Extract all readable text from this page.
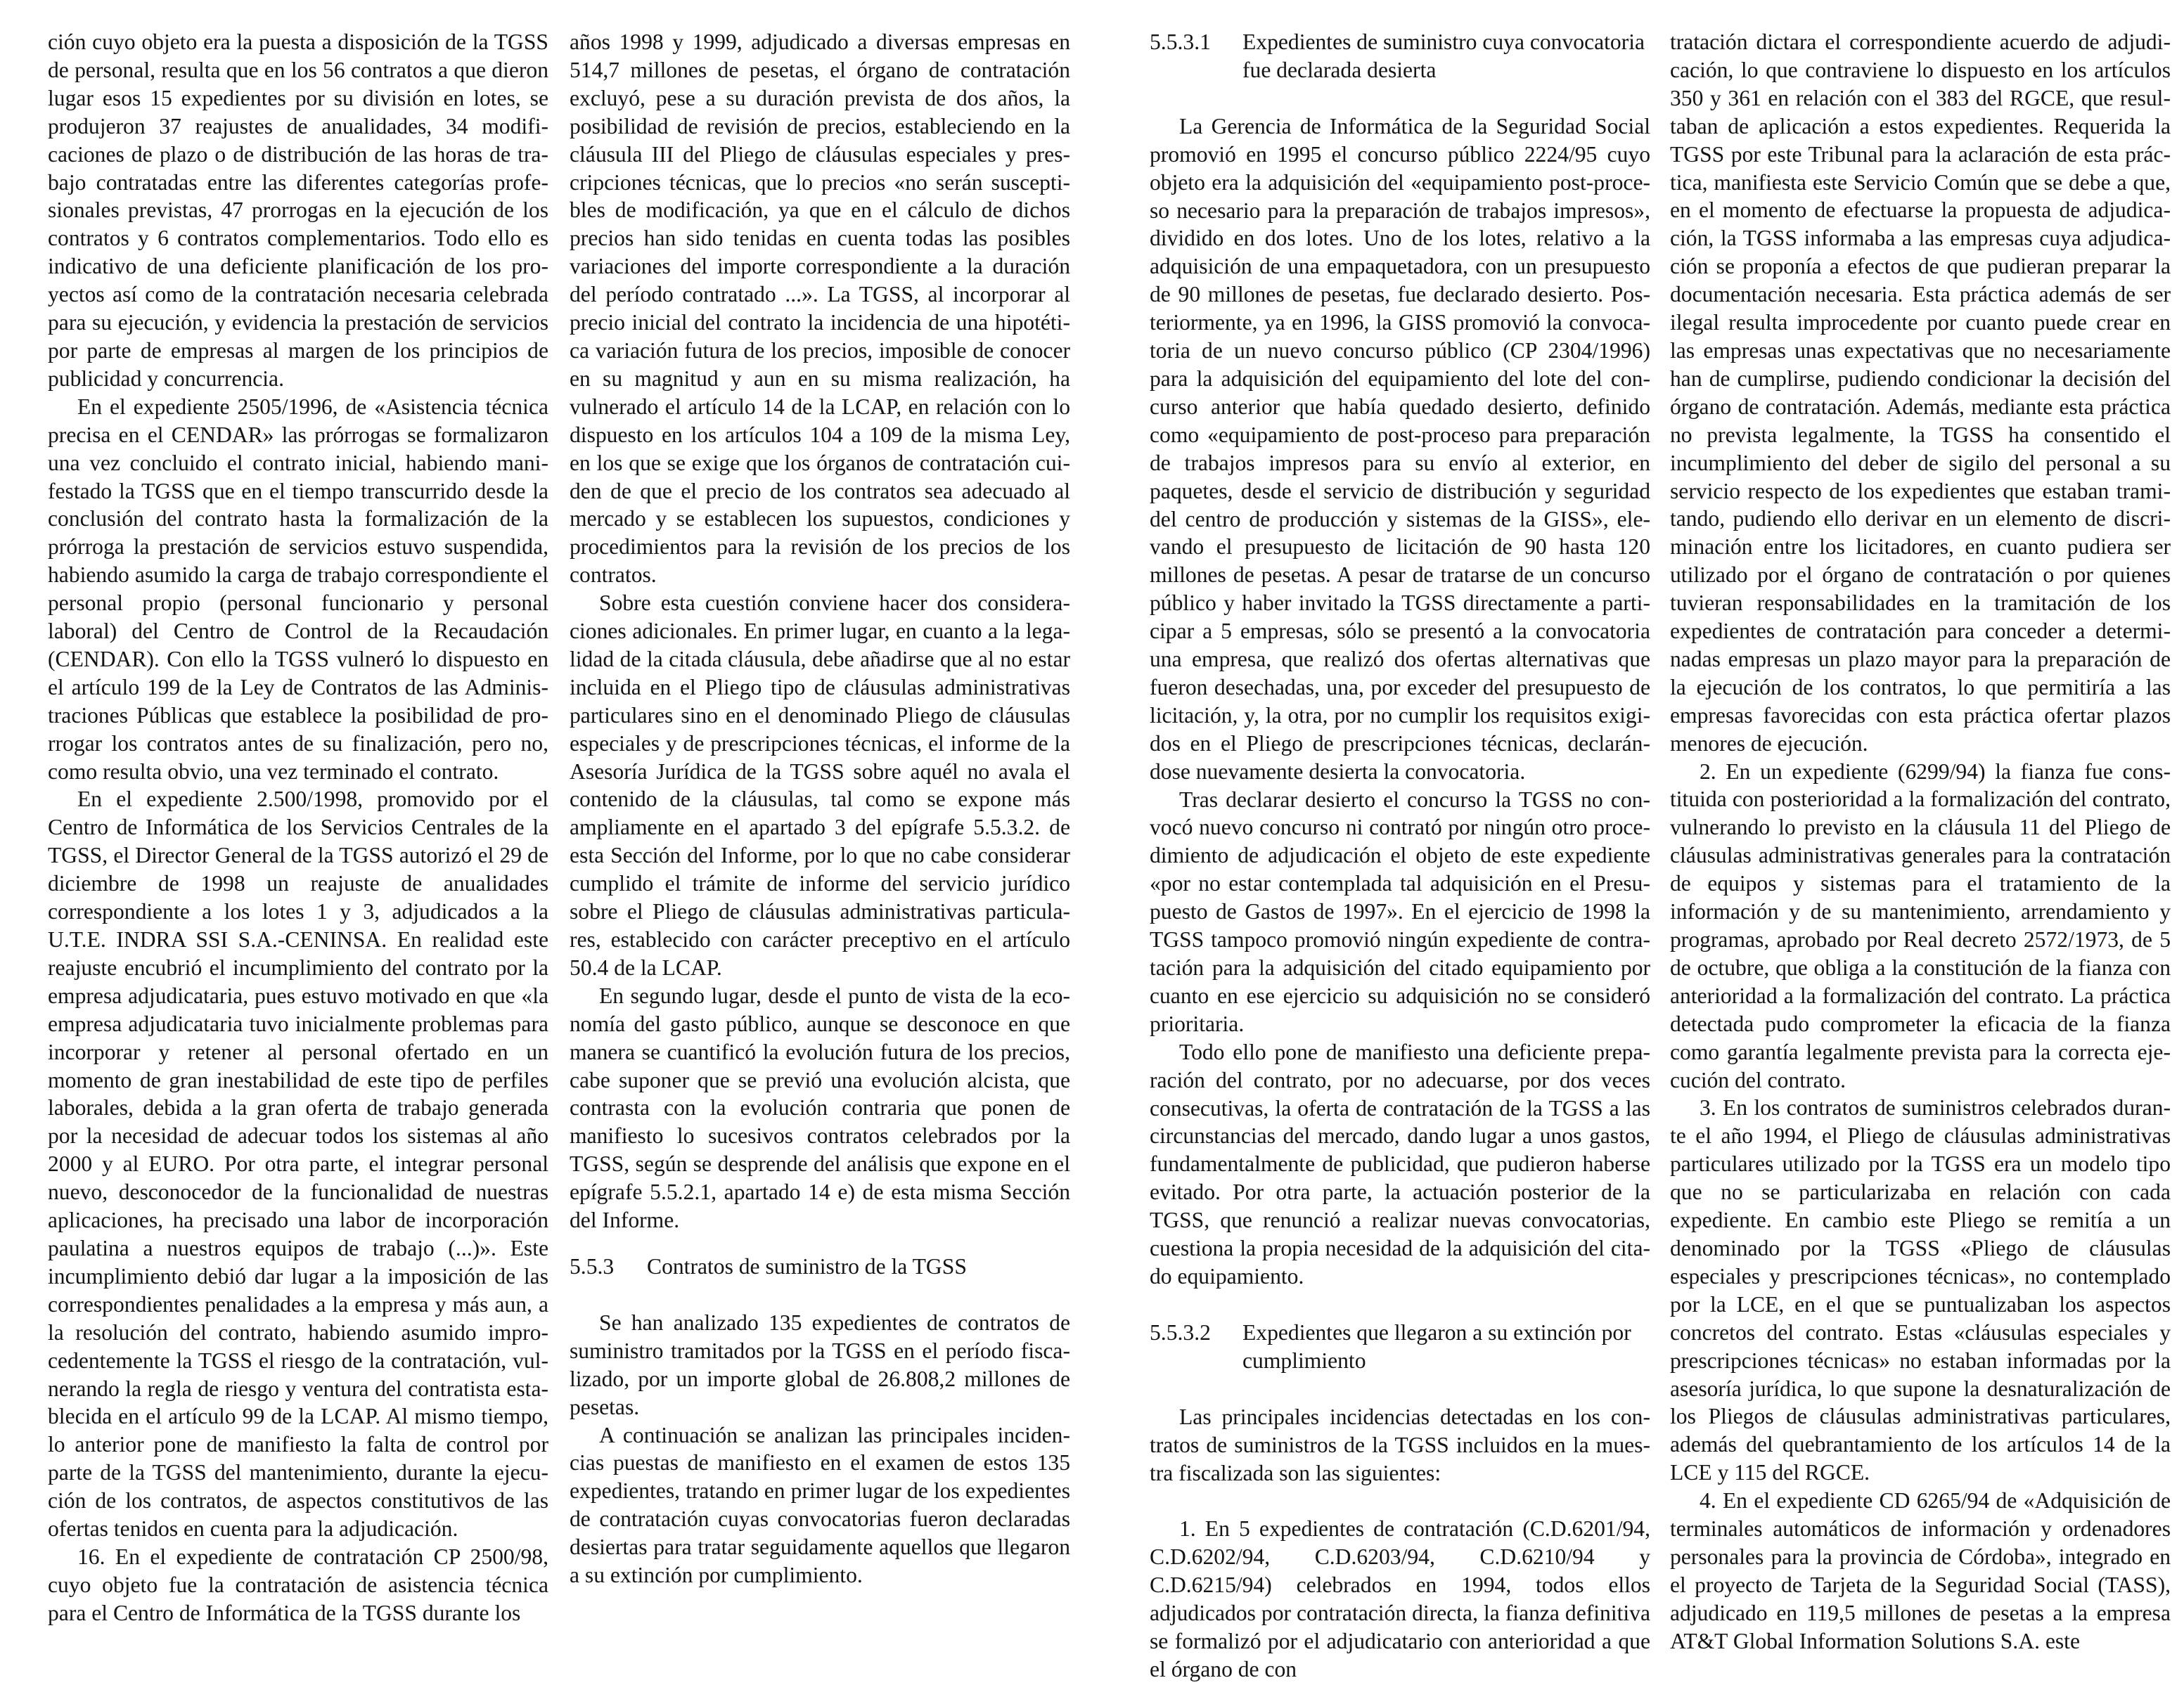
ción cuyo objeto era la puesta a disposición de la TGSS de personal, resulta que en los 56 contratos a que dieron lugar esos 15 expedientes por su división en lotes, se produjeron 37 reajustes de anualidades, 34 modificaciones de plazo o de distribución de las horas de trabajo contratadas entre las diferentes categorías profesionales previstas, 47 prorrogas en la ejecución de los contratos y 6 contratos complementarios. Todo ello es indicativo de una deficiente planificación de los proyectos así como de la contratación necesaria celebrada para su ejecución, y evidencia la prestación de servicios por parte de empresas al margen de los principios de publicidad y concurrencia.

En el expediente 2505/1996, de «Asistencia técnica precisa en el CENDAR» las prórrogas se formalizaron una vez concluido el contrato inicial, habiendo manifestado la TGSS que en el tiempo transcurrido desde la conclusión del contrato hasta la formalización de la prórroga la prestación de servicios estuvo suspendida, habiendo asumido la carga de trabajo correspondiente el personal propio (personal funcionario y personal laboral) del Centro de Control de la Recaudación (CENDAR). Con ello la TGSS vulneró lo dispuesto en el artículo 199 de la Ley de Contratos de las Administraciones Públicas que establece la posibilidad de prorrogar los contratos antes de su finalización, pero no, como resulta obvio, una vez terminado el contrato.

En el expediente 2.500/1998, promovido por el Centro de Informática de los Servicios Centrales de la TGSS, el Director General de la TGSS autorizó el 29 de diciembre de 1998 un reajuste de anualidades correspondiente a los lotes 1 y 3, adjudicados a la U.T.E. INDRA SSI S.A.-CENINSA. En realidad este reajuste encubrió el incumplimiento del contrato por la empresa adjudicataria, pues estuvo motivado en que «la empresa adjudicataria tuvo inicialmente problemas para incorporar y retener al personal ofertado en un momento de gran inestabilidad de este tipo de perfiles laborales, debida a la gran oferta de trabajo generada por la necesidad de adecuar todos los sistemas al año 2000 y al EURO. Por otra parte, el integrar personal nuevo, desconocedor de la funcionalidad de nuestras aplicaciones, ha precisado una labor de incorporación paulatina a nuestros equipos de trabajo (...)». Este incumplimiento debió dar lugar a la imposición de las correspondientes penalidades a la empresa y más aun, a la resolución del contrato, habiendo asumido improcedentemente la TGSS el riesgo de la contratación, vulnerando la regla de riesgo y ventura del contratista establecida en el artículo 99 de la LCAP. Al mismo tiempo, lo anterior pone de manifiesto la falta de control por parte de la TGSS del mantenimiento, durante la ejecución de los contratos, de aspectos constitutivos de las ofertas tenidos en cuenta para la adjudicación.

16. En el expediente de contratación CP 2500/98, cuyo objeto fue la contratación de asistencia técnica para el Centro de Informática de la TGSS durante los

años 1998 y 1999, adjudicado a diversas empresas en 514,7 millones de pesetas, el órgano de contratación excluyó, pese a su duración prevista de dos años, la posibilidad de revisión de precios, estableciendo en la cláusula III del Pliego de cláusulas especiales y prescripciones técnicas, que lo precios «no serán susceptibles de modificación, ya que en el cálculo de dichos precios han sido tenidas en cuenta todas las posibles variaciones del importe correspondiente a la duración del período contratado ...». La TGSS, al incorporar al precio inicial del contrato la incidencia de una hipotética variación futura de los precios, imposible de conocer en su magnitud y aun en su misma realización, ha vulnerado el artículo 14 de la LCAP, en relación con lo dispuesto en los artículos 104 a 109 de la misma Ley, en los que se exige que los órganos de contratación cuiden de que el precio de los contratos sea adecuado al mercado y se establecen los supuestos, condiciones y procedimientos para la revisión de los precios de los contratos.

Sobre esta cuestión conviene hacer dos consideraciones adicionales. En primer lugar, en cuanto a la legalidad de la citada cláusula, debe añadirse que al no estar incluida en el Pliego tipo de cláusulas administrativas particulares sino en el denominado Pliego de cláusulas especiales y de prescripciones técnicas, el informe de la Asesoría Jurídica de la TGSS sobre aquél no avala el contenido de la cláusulas, tal como se expone más ampliamente en el apartado 3 del epígrafe 5.5.3.2. de esta Sección del Informe, por lo que no cabe considerar cumplido el trámite de informe del servicio jurídico sobre el Pliego de cláusulas administrativas particulares, establecido con carácter preceptivo en el artículo 50.4 de la LCAP.

En segundo lugar, desde el punto de vista de la economía del gasto público, aunque se desconoce en que manera se cuantificó la evolución futura de los precios, cabe suponer que se previó una evolución alcista, que contrasta con la evolución contraria que ponen de manifiesto lo sucesivos contratos celebrados por la TGSS, según se desprende del análisis que expone en el epígrafe 5.5.2.1, apartado 14 e) de esta misma Sección del Informe.

5.5.3	Contratos de suministro de la TGSS

Se han analizado 135 expedientes de contratos de suministro tramitados por la TGSS en el período fiscalizado, por un importe global de 26.808,2 millones de pesetas.

A continuación se analizan las principales incidencias puestas de manifiesto en el examen de estos 135 expedientes, tratando en primer lugar de los expedientes de contratación cuyas convocatorias fueron declaradas desiertas para tratar seguidamente aquellos que llegaron a su extinción por cumplimiento.

5.5.3.1	Expedientes de suministro cuya convocatoria fue declarada desierta

La Gerencia de Informática de la Seguridad Social promovió en 1995 el concurso público 2224/95 cuyo objeto era la adquisición del «equipamiento post-proceso necesario para la preparación de trabajos impresos», dividido en dos lotes. Uno de los lotes, relativo a la adquisición de una empaquetadora, con un presupuesto de 90 millones de pesetas, fue declarado desierto. Posteriormente, ya en 1996, la GISS promovió la convocatoria de un nuevo concurso público (CP 2304/1996) para la adquisición del equipamiento del lote del concurso anterior que había quedado desierto, definido como «equipamiento de post-proceso para preparación de trabajos impresos para su envío al exterior, en paquetes, desde el servicio de distribución y seguridad del centro de producción y sistemas de la GISS», elevando el presupuesto de licitación de 90 hasta 120 millones de pesetas. A pesar de tratarse de un concurso público y haber invitado la TGSS directamente a participar a 5 empresas, sólo se presentó a la convocatoria una empresa, que realizó dos ofertas alternativas que fueron desechadas, una, por exceder del presupuesto de licitación, y, la otra, por no cumplir los requisitos exigidos en el Pliego de prescripciones técnicas, declarándose nuevamente desierta la convocatoria.

Tras declarar desierto el concurso la TGSS no convocó nuevo concurso ni contrató por ningún otro procedimiento de adjudicación el objeto de este expediente «por no estar contemplada tal adquisición en el Presupuesto de Gastos de 1997». En el ejercicio de 1998 la TGSS tampoco promovió ningún expediente de contratación para la adquisición del citado equipamiento por cuanto en ese ejercicio su adquisición no se consideró prioritaria.

Todo ello pone de manifiesto una deficiente preparación del contrato, por no adecuarse, por dos veces consecutivas, la oferta de contratación de la TGSS a las circunstancias del mercado, dando lugar a unos gastos, fundamentalmente de publicidad, que pudieron haberse evitado. Por otra parte, la actuación posterior de la TGSS, que renunció a realizar nuevas convocatorias, cuestiona la propia necesidad de la adquisición del citado equipamiento.

5.5.3.2	Expedientes que llegaron a su extinción por cumplimiento

Las principales incidencias detectadas en los contratos de suministros de la TGSS incluidos en la muestra fiscalizada son las siguientes:

1. En 5 expedientes de contratación (C.D.6201/94, C.D.6202/94, C.D.6203/94, C.D.6210/94 y C.D.6215/94) celebrados en 1994, todos ellos adjudicados por contratación directa, la fianza definitiva se formalizó por el adjudicatario con anterioridad a que el órgano de con

tratación dictara el correspondiente acuerdo de adjudicación, lo que contraviene lo dispuesto en los artículos 350 y 361 en relación con el 383 del RGCE, que resultaban de aplicación a estos expedientes. Requerida la TGSS por este Tribunal para la aclaración de esta práctica, manifiesta este Servicio Común que se debe a que, en el momento de efectuarse la propuesta de adjudicación, la TGSS informaba a las empresas cuya adjudicación se proponía a efectos de que pudieran preparar la documentación necesaria. Esta práctica además de ser ilegal resulta improcedente por cuanto puede crear en las empresas unas expectativas que no necesariamente han de cumplirse, pudiendo condicionar la decisión del órgano de contratación. Además, mediante esta práctica no prevista legalmente, la TGSS ha consentido el incumplimiento del deber de sigilo del personal a su servicio respecto de los expedientes que estaban tramitando, pudiendo ello derivar en un elemento de discriminación entre los licitadores, en cuanto pudiera ser utilizado por el órgano de contratación o por quienes tuvieran responsabilidades en la tramitación de los expedientes de contratación para conceder a determinadas empresas un plazo mayor para la preparación de la ejecución de los contratos, lo que permitiría a las empresas favorecidas con esta práctica ofertar plazos menores de ejecución.

2. En un expediente (6299/94) la fianza fue constituida con posterioridad a la formalización del contrato, vulnerando lo previsto en la cláusula 11 del Pliego de cláusulas administrativas generales para la contratación de equipos y sistemas para el tratamiento de la información y de su mantenimiento, arrendamiento y programas, aprobado por Real decreto 2572/1973, de 5 de octubre, que obliga a la constitución de la fianza con anterioridad a la formalización del contrato. La práctica detectada pudo comprometer la eficacia de la fianza como garantía legalmente prevista para la correcta ejecución del contrato.

3. En los contratos de suministros celebrados durante el año 1994, el Pliego de cláusulas administrativas particulares utilizado por la TGSS era un modelo tipo que no se particularizaba en relación con cada expediente. En cambio este Pliego se remitía a un denominado por la TGSS «Pliego de cláusulas especiales y prescripciones técnicas», no contemplado por la LCE, en el que se puntualizaban los aspectos concretos del contrato. Estas «cláusulas especiales y prescripciones técnicas» no estaban informadas por la asesoría jurídica, lo que supone la desnaturalización de los Pliegos de cláusulas administrativas particulares, además del quebrantamiento de los artículos 14 de la LCE y 115 del RGCE.

4. En el expediente CD 6265/94 de «Adquisición de terminales automáticos de información y ordenadores personales para la provincia de Córdoba», integrado en el proyecto de Tarjeta de la Seguridad Social (TASS), adjudicado en 119,5 millones de pesetas a la empresa AT&T Global Information Solutions S.A. este
